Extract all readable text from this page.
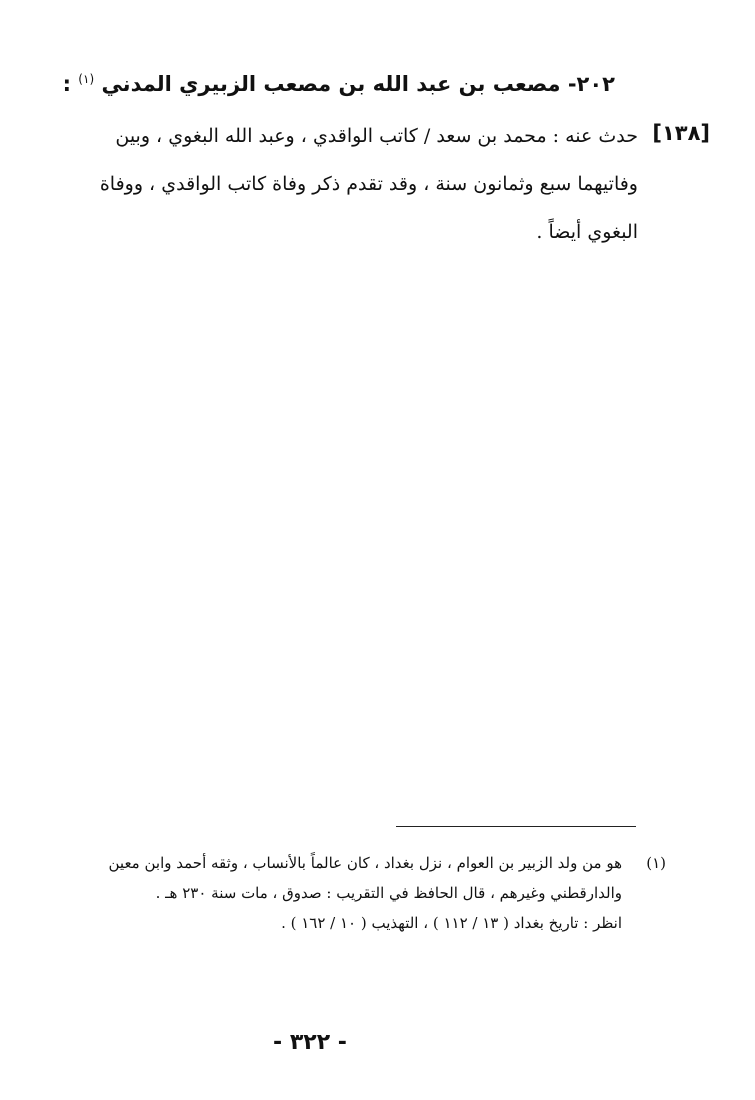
٢٠٢- مصعب بن عبد الله بن مصعب الزبيري المدني $^{(١)}$ :
[١٣٨]
حدث عنه : محمد بن سعد / كاتب الواقدي ، وعبد الله البغوي ، وبين
وفاتيهما سبع وثمانون سنة ، وقد تقدم ذكر وفاة كاتب الواقدي ، ووفاة
البغوي أيضاً .
(١)هو من ولد الزبير بن العوام ، نزل بغداد ، كان عالماً بالأنساب ، وثقه أحمد وابن معين
والدارقطني وغيرهم ، قال الحافظ في التقريب : صدوق ، مات سنة ٢٣٠ هـ .
انظر : تاريخ بغداد ( ١٣ / ١١٢ ) ، التهذيب ( ١٠ / ١٦٢ ) .
- ٣٢٢ -
